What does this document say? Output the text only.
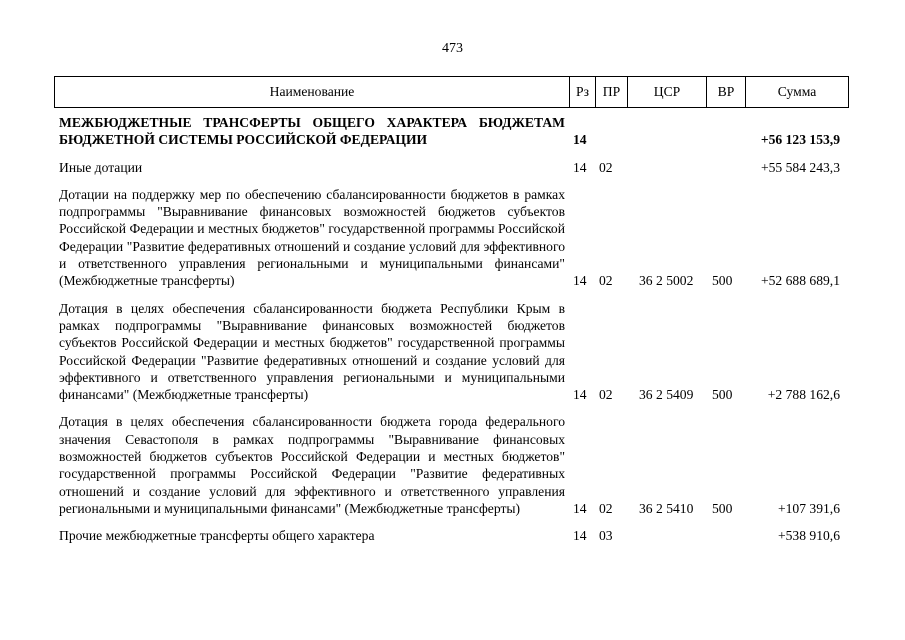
473
Наименование	Рз	ПР	ЦСР	ВР	Сумма
МЕЖБЮДЖЕТНЫЕ ТРАНСФЕРТЫ ОБЩЕГО ХАРАКТЕРА БЮДЖЕТАМ БЮДЖЕТНОЙ СИСТЕМЫ РОССИЙСКОЙ ФЕДЕРАЦИИ	14				+56 123 153,9
Иные дотации	14	02			+55 584 243,3
Дотации на поддержку мер по обеспечению сбалансированности бюджетов в рамках подпрограммы "Выравнивание финансовых возможностей бюджетов субъектов Российской Федерации и местных бюджетов" государственной программы Российской Федерации "Развитие федеративных отношений и создание условий для эффективного и ответственного управления региональными и муниципальными финансами" (Межбюджетные трансферты)	14	02	36 2 5002	500	+52 688 689,1
Дотация в целях обеспечения сбалансированности бюджета Республики Крым в рамках подпрограммы "Выравнивание финансовых возможностей бюджетов субъектов Российской Федерации и местных бюджетов" государственной программы Российской Федерации "Развитие федеративных отношений и создание условий для эффективного и ответственного управления региональными и муниципальными финансами" (Межбюджетные трансферты)	14	02	36 2 5409	500	+2 788 162,6
Дотация в целях обеспечения сбалансированности бюджета города федерального значения Севастополя в рамках подпрограммы "Выравнивание финансовых возможностей бюджетов субъектов Российской Федерации и местных бюджетов" государственной программы Российской Федерации "Развитие федеративных отношений и создание условий для эффективного и ответственного управления региональными и муниципальными финансами" (Межбюджетные трансферты)	14	02	36 2 5410	500	+107 391,6
Прочие межбюджетные трансферты общего характера	14	03			+538 910,6
